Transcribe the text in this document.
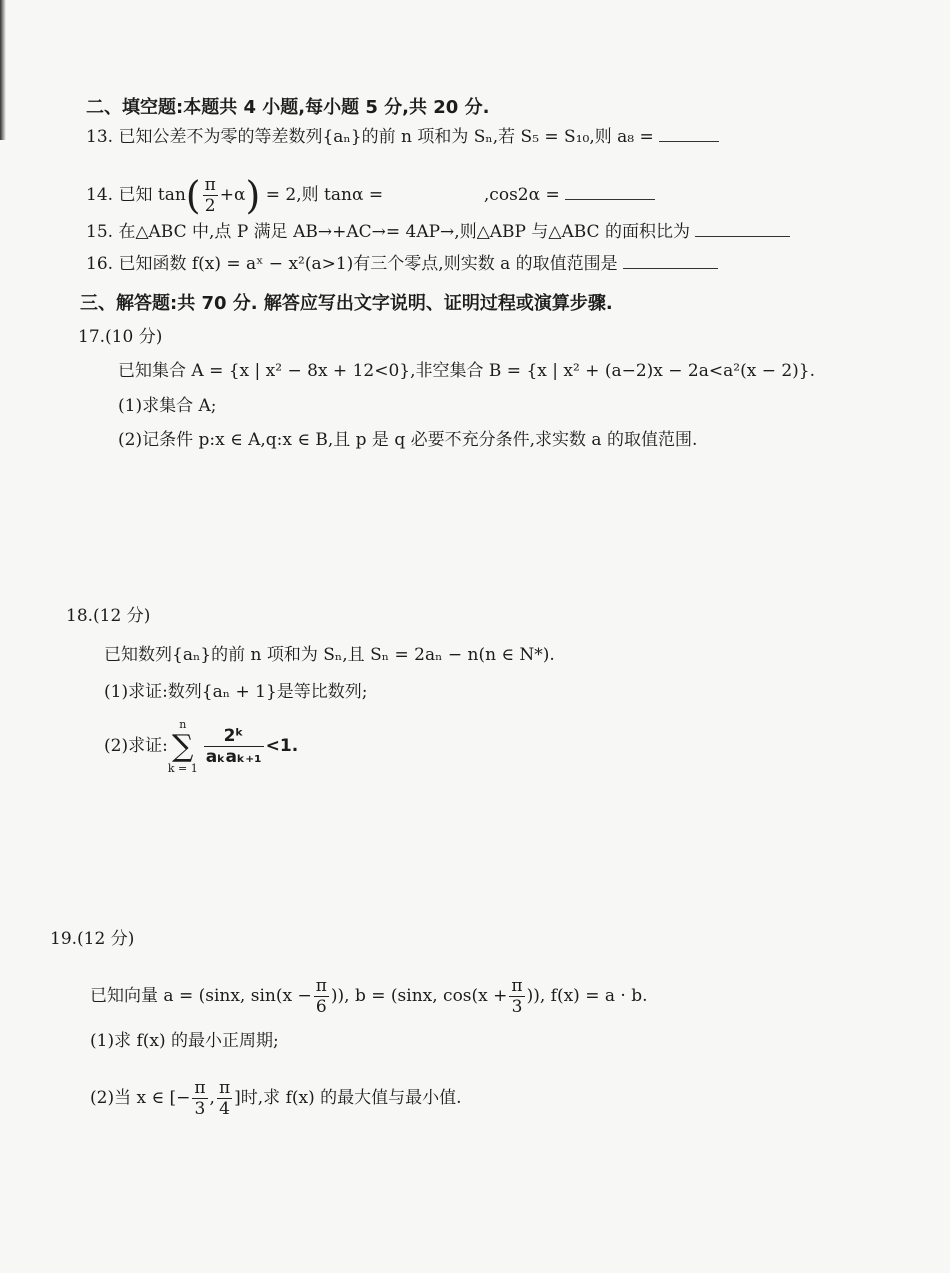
二、填空题:本题共 4 小题,每小题 5 分,共 20 分.
13. 已知公差不为零的等差数列{aₙ}的前 n 项和为 Sₙ,若 S₅ = S₁₀,则 a₈ =
14. 已知 $\tan( \frac{\pi}{2} +\alpha) = 2$,则 tanα =	,cos2α =
15. 在△ABC 中,点 P 满足 AB→+AC→= 4AP→,则△ABP 与△ABC 的面积比为
16. 已知函数 f(x) = aˣ − x²(a>1)有三个零点,则实数 a 的取值范围是
三、解答题:共 70 分. 解答应写出文字说明、证明过程或演算步骤.
17.(10 分)
已知集合 A = {x | x² − 8x + 12<0},非空集合 B = {x | x² + (a−2)x − 2a<a²(x − 2)}.
(1)求集合 A;
(2)记条件 p:x ∈ A,q:x ∈ B,且 p 是 q 必要不充分条件,求实数 a 的取值范围.
18.(12 分)
已知数列{aₙ}的前 n 项和为 Sₙ,且 Sₙ = 2aₙ − n(n ∈ N*).
(1)求证:数列{aₙ + 1}是等比数列;
(2)求证:
n
∑
k = 1
$\frac{\text{2ᵏ}}{\text{aₖaₖ₊₁}} <1$.
19.(12 分)
已知向量 a = (sinx, $\sin(x - \frac{\pi}{6}$ )), b = (sinx, $\cos(x + \frac{\pi}{3}$ )), f(x) = a · b.
(1)求 f(x) 的最小正周期;
(2)当 x ∈ [− $\frac{\pi}{3}$ , $\frac{\pi}{4}$ ]时,求 f(x) 的最大值与最小值.
